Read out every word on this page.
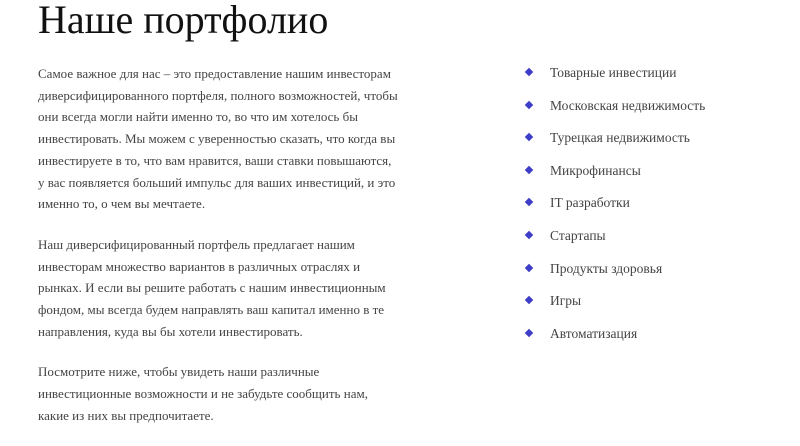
Наше портфолио

Самое важное для нас – это предоставление нашим инвесторам диверсифицированного портфеля, полного возможностей, чтобы они всегда могли найти именно то, во что им хотелось бы инвестировать. Мы можем с уверенностью сказать, что когда вы инвестируете в то, что вам нравится, ваши ставки повышаются, у вас появляется больший импульс для ваших инвестиций, и это именно то, о чем вы мечтаете.

Наш диверсифицированный портфель предлагает нашим инвесторам множество вариантов в различных отраслях и рынках. И если вы решите работать с нашим инвестиционным фондом, мы всегда будем направлять ваш капитал именно в те направления, куда вы бы хотели инвестировать.

Посмотрите ниже, чтобы увидеть наши различные инвестиционные возможности и не забудьте сообщить нам, какие из них вы предпочитаете.

Товарные инвестиции
Московская недвижимость
Турецкая недвижимость
Микрофинансы
IT разработки
Стартапы
Продукты здоровья
Игры
Автоматизация
